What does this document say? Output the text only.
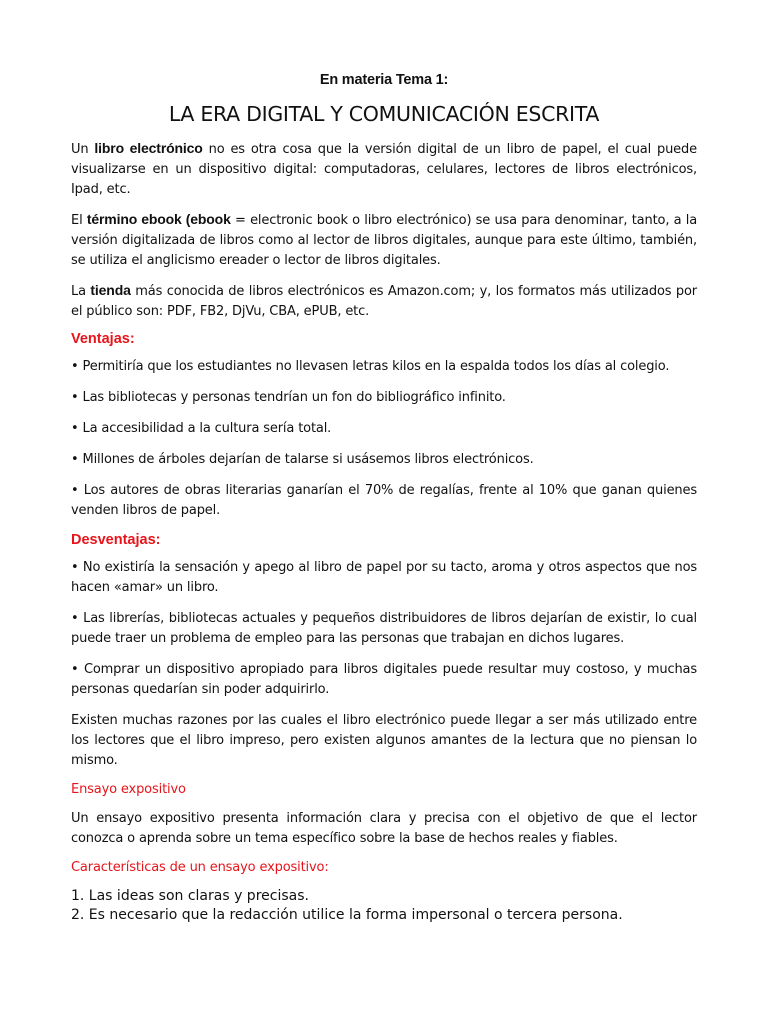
En materia Tema 1:
LA ERA DIGITAL Y COMUNICACIÓN ESCRITA

Un libro electrónico no es otra cosa que la versión digital de un libro de papel, el cual puede visualizarse en un dispositivo digital: computadoras, celulares, lectores de libros electrónicos, Ipad, etc.

El término ebook (ebook = electronic book o libro electrónico) se usa para denominar, tanto, a la versión digitalizada de libros como al lector de libros digitales, aunque para este último, también, se utiliza el anglicismo ereader o lector de libros digitales.

La tienda más conocida de libros electrónicos es Amazon.com; y, los formatos más utilizados por el público son: PDF, FB2, DjVu, CBA, ePUB, etc.

Ventajas:

• Permitiría que los estudiantes no llevasen letras kilos en la espalda todos los días al colegio.

• Las bibliotecas y personas tendrían un fon do bibliográfico infinito.

• La accesibilidad a la cultura sería total.

• Millones de árboles dejarían de talarse si usásemos libros electrónicos.

• Los autores de obras literarias ganarían el 70% de regalías, frente al 10% que ganan quienes venden libros de papel.

Desventajas:

• No existiría la sensación y apego al libro de papel por su tacto, aroma y otros aspectos que nos hacen «amar» un libro.

• Las librerías, bibliotecas actuales y pequeños distribuidores de libros dejarían de existir, lo cual puede traer un problema de empleo para las personas que trabajan en dichos lugares.

• Comprar un dispositivo apropiado para libros digitales puede resultar muy costoso, y muchas personas quedarían sin poder adquirirlo.

Existen muchas razones por las cuales el libro electrónico puede llegar a ser más utilizado entre los lectores que el libro impreso, pero existen algunos amantes de la lectura que no piensan lo mismo.

Ensayo expositivo

Un ensayo expositivo presenta información clara y precisa con el objetivo de que el lector conozca o aprenda sobre un tema específico sobre la base de hechos reales y fiables.

Características de un ensayo expositivo:
1. Las ideas son claras y precisas.
2. Es necesario que la redacción utilice la forma impersonal o tercera persona.
